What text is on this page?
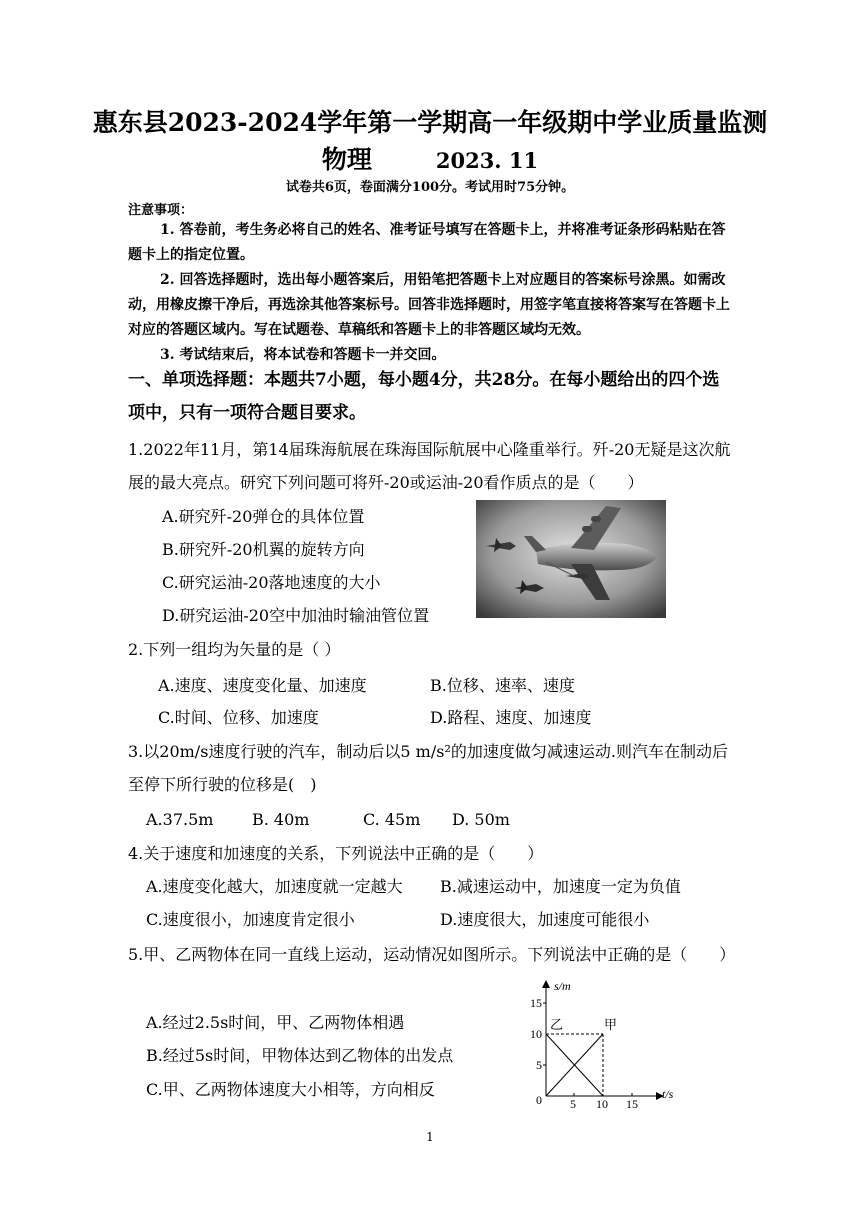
惠东县2023-2024学年第一学期高一年级期中学业质量监测
物理	2023. 11
试卷共6页，卷面满分100分。考试用时75分钟。
注意事项：
1. 答卷前，考生务必将自己的姓名、准考证号填写在答题卡上，并将准考证条形码粘贴在答题卡上的指定位置。
2. 回答选择题时，选出每小题答案后，用铅笔把答题卡上对应题目的答案标号涂黑。如需改动，用橡皮擦干净后，再选涂其他答案标号。回答非选择题时，用签字笔直接将答案写在答题卡上对应的答题区域内。写在试题卷、草稿纸和答题卡上的非答题区域均无效。
3. 考试结束后，将本试卷和答题卡一并交回。
一、单项选择题：本题共7小题，每小题4分，共28分。在每小题给出的四个选项中，只有一项符合题目要求。
1.2022年11月，第14届珠海航展在珠海国际航展中心隆重举行。歼-20无疑是这次航展的最大亮点。研究下列问题可将歼-20或运油-20看作质点的是（　　）
A.研究歼-20弹仓的具体位置
B.研究歼-20机翼的旋转方向
C.研究运油-20落地速度的大小
D.研究运油-20空中加油时输油管位置
2.下列一组均为矢量的是（ ）
A.速度、速度变化量、加速度	B.位移、速率、速度
C.时间、位移、加速度	D.路程、速度、加速度
3.以20m/s速度行驶的汽车，制动后以5 m/s²的加速度做匀减速运动.则汽车在制动后至停下所行驶的位移是(　)
A.37.5m B. 40m	C. 45m D. 50m
4.关于速度和加速度的关系，下列说法中正确的是（　　）
A.速度变化越大，加速度就一定越大 B.减速运动中，加速度一定为负值
C.速度很小，加速度肯定很小	D.速度很大，加速度可能很小
5.甲、乙两物体在同一直线上运动，运动情况如图所示。下列说法中正确的是（　　）
A.经过2.5s时间，甲、乙两物体相遇
B.经过5s时间，甲物体达到乙物体的出发点
C.甲、乙两物体速度大小相等，方向相反
s/m
t/s
15
10
5
0 5 10 15
乙	甲
1
